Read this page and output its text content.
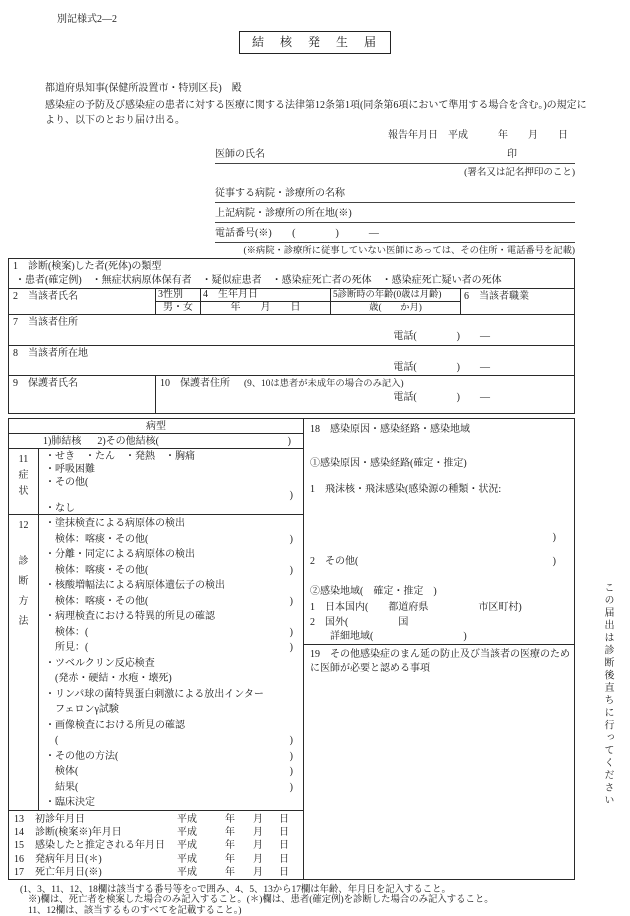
別記様式2—2
結　核　発　生　届
都道府県知事(保健所設置市・特別区長)　殿
感染症の予防及び感染症の患者に対する医療に関する法律第12条第1項(同条第6項において準用する場合を含む。)の規定に
より、以下のとおり届け出る。
報告年月日　平成　　　年　　月　　日
医師の氏名	印
(署名又は記名押印のこと)
従事する病院・診療所の名称
上記病院・診療所の所在地(※)
電話番号(※) (　　　　)　　　—
(※病院・診療所に従事していない医師にあっては、その住所・電話番号を記載)
1　診断(検案)した者(死体)の類型
・患者(確定例)　・無症状病原体保有者　・疑似症患者　・感染症死亡者の死体　・感染症死亡疑い者の死体
2　当該者氏名	3性別	4　生年月日	5診断時の年齢(0歳は月齢)
男・女	年　　月　　日	歳(　　か月)
6　当該者職業
7　当該者住所
電話(　　　　)　　—
8　当該者所在地
電話(　　　　)　　—
9　保護者氏名	10　保護者住所 (9、10は患者が未成年の場合のみ記入)
電話(　　　　)　　—
病型
1)肺結核 2)その他結核(	)
11
症
状
・せき　・たん　・発熱　・胸痛
・呼吸困難
・その他(

)
・なし
12
診
断
方
法
・塗抹検査による病原体の検出
　検体：喀痰・その他(	)
・分離・同定による病原体の検出
　検体：喀痰・その他(	)
・核酸増幅法による病原体遺伝子の検出
　検体：喀痰・その他(	)
・病理検査における特異的所見の確認
　検体：(	)
　所見：(	)
・ツベルクリン反応検査
　(発赤・硬結・水疱・壊死)
・リンパ球の菌特異蛋白刺激による放出インター
　フェロンγ試験
・画像検査における所見の確認
　(	)
・その他の方法(	)
　検体(	)
　結果(	)
・臨床決定
13 初診年月日	平成	年 月 日
14 診断(検案※)年月日	平成	年 月 日
15 感染したと推定される年月日 平成	年 月 日
16 発病年月日(＊)	平成	年 月 日
17 死亡年月日(※)	平成	年 月 日
18　感染原因・感染経路・感染地域
①感染原因・感染経路(確定・推定)
1　飛沫核・飛沫感染(感染源の種類・状況:
)
2　その他(	)
②感染地域(　確定・推定　)
1　日本国内(　　都道府県　　　　　市区町村)
2　国外(　　　　　国
　　詳細地域(　　　　　　　　　)
19　その他感染症のまん延の防止及び当該者の医療のため
に医師が必要と認める事項	この届出は診断後直ちに行ってください
(1、3、11、12、18欄は該当する番号等を○で囲み、4、5、13から17欄は年齢、年月日を記入すること。
※)欄は、死亡者を検案した場合のみ記入すること。(＊)欄は、患者(確定例)を診断した場合のみ記入すること。
11、12欄は、該当するものすべてを記載すること。)
